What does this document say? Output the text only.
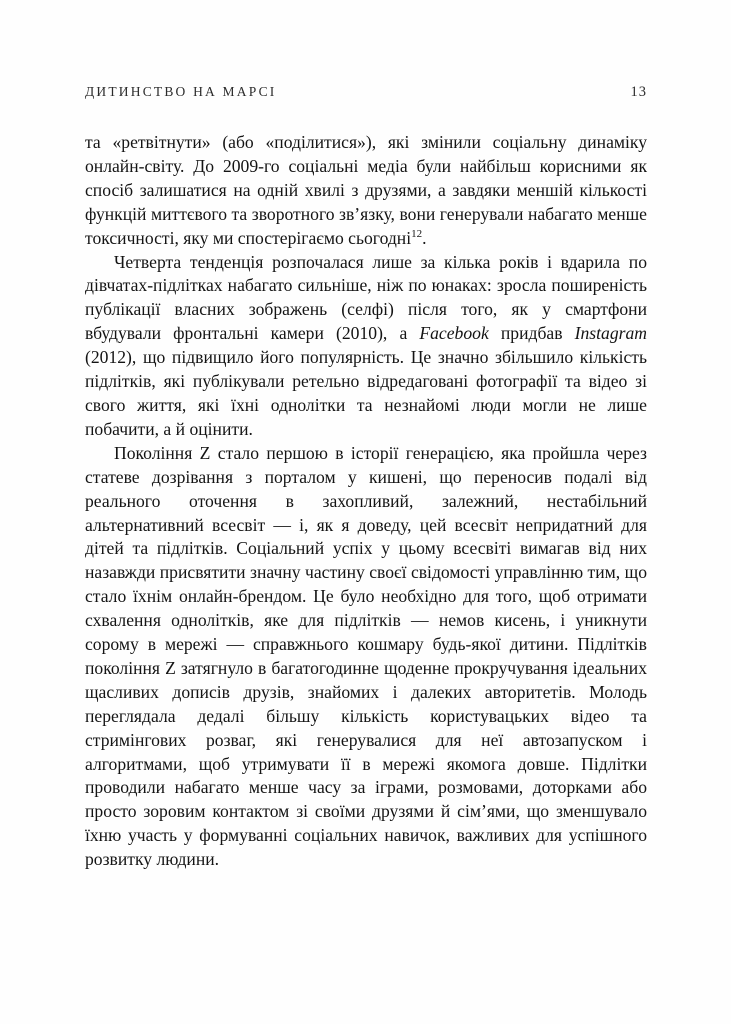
ДИТИНСТВО НА МАРСІ	13

та «ретвітнути» (або «поділитися»), які змінили соціальну динаміку онлайн-світу. До 2009-го соціальні медіа були найбільш корисними як спосіб залишатися на одній хвилі з друзями, а завдяки меншій кількості функцій миттєвого та зворотного зв’язку, вони генерували набагато менше токсичності, яку ми спостерігаємо сьогодні$^{12}$.

Четверта тенденція розпочалася лише за кілька років і вдарила по дівчатах-підлітках набагато сильніше, ніж по юнаках: зросла поширеність публікації власних зображень (селфі) після того, як у смартфони вбудували фронтальні камери (2010), а Facebook придбав Instagram (2012), що підвищило його популярність. Це значно збільшило кількість підлітків, які публікували ретельно відредаговані фотографії та відео зі свого життя, які їхні однолітки та незнайомі люди могли не лише побачити, а й оцінити.

Покоління Z стало першою в історії генерацією, яка пройшла через статеве дозрівання з порталом у кишені, що переносив подалі від реального оточення в захопливий, залежний, нестабільний альтернативний всесвіт — і, як я доведу, цей всесвіт непридатний для дітей та підлітків. Соціальний успіх у цьому всесвіті вимагав від них назавжди присвятити значну частину своєї свідомості управлінню тим, що стало їхнім онлайн-брендом. Це було необхідно для того, щоб отримати схвалення однолітків, яке для підлітків — немов кисень, і уникнути сорому в мережі — справжнього кошмару будь-якої дитини. Підлітків покоління Z затягнуло в багатогодинне щоденне прокручування ідеальних щасливих дописів друзів, знайомих і далеких авторитетів. Молодь переглядала дедалі більшу кількість користувацьких відео та стримінгових розваг, які генерувалися для неї автозапуском і алгоритмами, щоб утримувати її в мережі якомога довше. Підлітки проводили набагато менше часу за іграми, розмовами, доторками або просто зоровим контактом зі своїми друзями й сім’ями, що зменшувало їхню участь у формуванні соціальних навичок, важливих для успішного розвитку людини.
